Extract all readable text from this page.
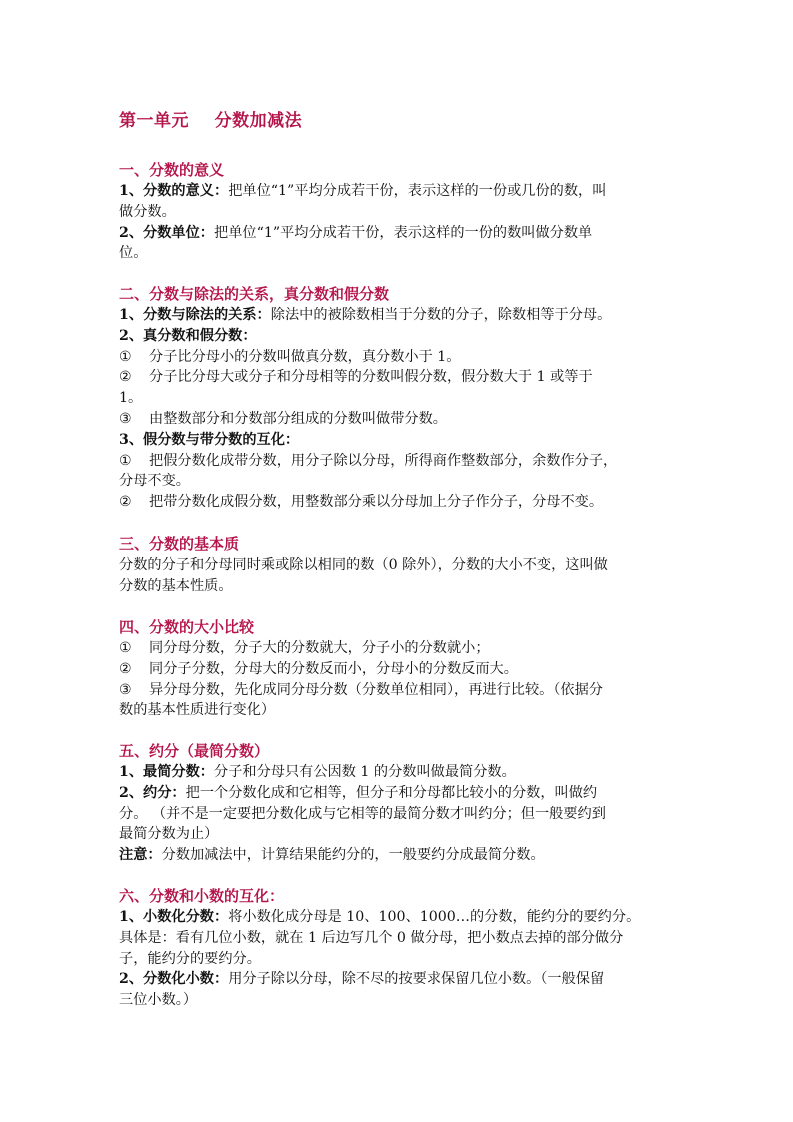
第一单元    分数加减法
一、分数的意义
1、分数的意义：把单位“1”平均分成若干份，表示这样的一份或几份的数，叫
做分数。
2、分数单位：把单位“1”平均分成若干份，表示这样的一份的数叫做分数单
位。
二、分数与除法的关系，真分数和假分数
1、分数与除法的关系：除法中的被除数相当于分数的分子，除数相等于分母。
2、真分数和假分数：
① 分子比分母小的分数叫做真分数，真分数小于 1。
② 分子比分母大或分子和分母相等的分数叫假分数，假分数大于 1 或等于
1。
③ 由整数部分和分数部分组成的分数叫做带分数。
3、假分数与带分数的互化：
① 把假分数化成带分数，用分子除以分母，所得商作整数部分，余数作分子，
分母不变。
② 把带分数化成假分数，用整数部分乘以分母加上分子作分子，分母不变。
三、分数的基本质
分数的分子和分母同时乘或除以相同的数（0 除外），分数的大小不变，这叫做
分数的基本性质。
四、分数的大小比较
① 同分母分数，分子大的分数就大，分子小的分数就小；
② 同分子分数，分母大的分数反而小，分母小的分数反而大。
③ 异分母分数，先化成同分母分数（分数单位相同），再进行比较。（依据分
数的基本性质进行变化）
五、约分（最简分数）
1、最简分数：分子和分母只有公因数 1 的分数叫做最简分数。
2、约分：把一个分数化成和它相等，但分子和分母都比较小的分数，叫做约
分。 （并不是一定要把分数化成与它相等的最简分数才叫约分；但一般要约到
最简分数为止）
注意：分数加减法中，计算结果能约分的，一般要约分成最简分数。
六、分数和小数的互化：
1、小数化分数：将小数化成分母是 10、100、1000…的分数，能约分的要约分。
具体是：看有几位小数，就在 1 后边写几个 0 做分母，把小数点去掉的部分做分
子，能约分的要约分。
2、分数化小数：用分子除以分母，除不尽的按要求保留几位小数。（一般保留
三位小数。）
